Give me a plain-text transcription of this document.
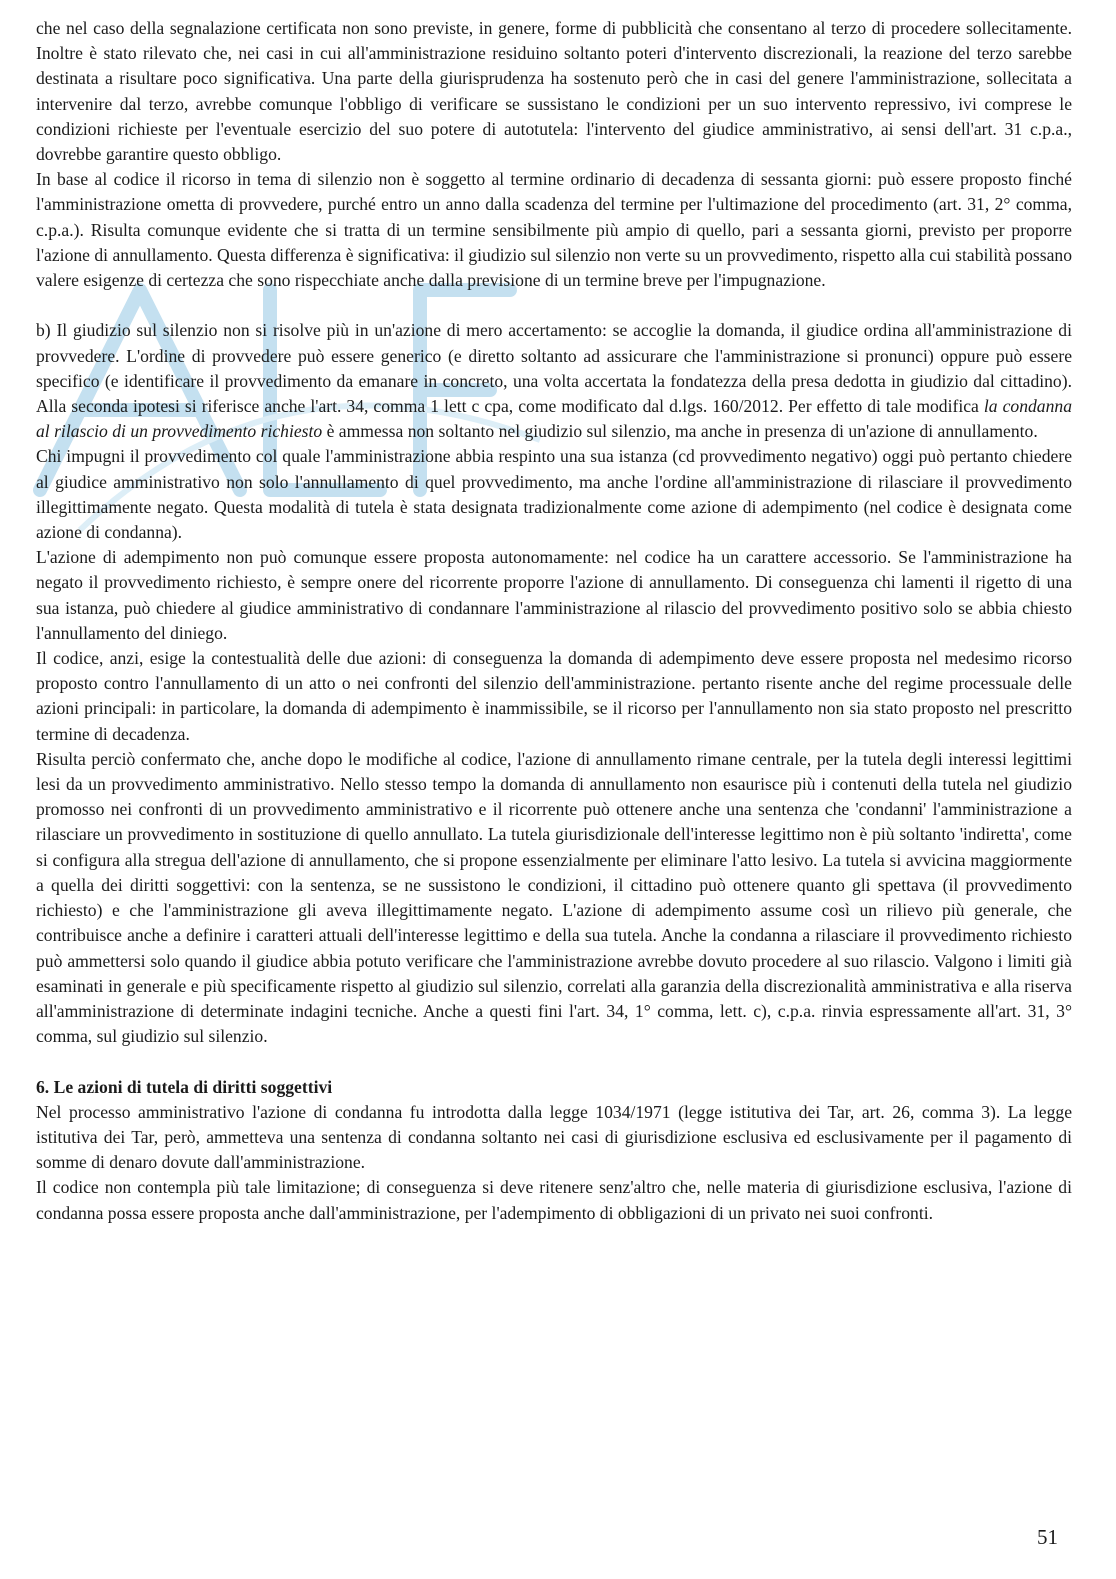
che nel caso della segnalazione certificata non sono previste, in genere, forme di pubblicità che consentano al terzo di procedere sollecitamente. Inoltre è stato rilevato che, nei casi in cui all'amministrazione residuino soltanto poteri d'intervento discrezionali, la reazione del terzo sarebbe destinata a risultare poco significativa. Una parte della giurisprudenza ha sostenuto però che in casi del genere l'amministrazione, sollecitata a intervenire dal terzo, avrebbe comunque l'obbligo di verificare se sussistano le condizioni per un suo intervento repressivo, ivi comprese le condizioni richieste per l'eventuale esercizio del suo potere di autotutela: l'intervento del giudice amministrativo, ai sensi dell'art. 31 c.p.a., dovrebbe garantire questo obbligo.

In base al codice il ricorso in tema di silenzio non è soggetto al termine ordinario di decadenza di sessanta giorni: può essere proposto finché l'amministrazione ometta di provvedere, purché entro un anno dalla scadenza del termine per l'ultimazione del procedimento (art. 31, 2° comma, c.p.a.). Risulta comunque evidente che si tratta di un termine sensibilmente più ampio di quello, pari a sessanta giorni, previsto per proporre l'azione di annullamento. Questa differenza è significativa: il giudizio sul silenzio non verte su un provvedimento, rispetto alla cui stabilità possano valere esigenze di certezza che sono rispecchiate anche dalla previsione di un termine breve per l'impugnazione.

b) Il giudizio sul silenzio non si risolve più in un'azione di mero accertamento: se accoglie la domanda, il giudice ordina all'amministrazione di provvedere. L'ordine di provvedere può essere generico (e diretto soltanto ad assicurare che l'amministrazione si pronunci) oppure può essere specifico (e identificare il provvedimento da emanare in concreto, una volta accertata la fondatezza della presa dedotta in giudizio dal cittadino). Alla seconda ipotesi si riferisce anche l'art. 34, comma 1 lett c cpa, come modificato dal d.lgs. 160/2012. Per effetto di tale modifica la condanna al rilascio di un provvedimento richiesto è ammessa non soltanto nel giudizio sul silenzio, ma anche in presenza di un'azione di annullamento.

Chi impugni il provvedimento col quale l'amministrazione abbia respinto una sua istanza (cd provvedimento negativo) oggi può pertanto chiedere al giudice amministrativo non solo l'annullamento di quel provvedimento, ma anche l'ordine all'amministrazione di rilasciare il provvedimento illegittimamente negato. Questa modalità di tutela è stata designata tradizionalmente come azione di adempimento (nel codice è designata come azione di condanna).

L'azione di adempimento non può comunque essere proposta autonomamente: nel codice ha un carattere accessorio. Se l'amministrazione ha negato il provvedimento richiesto, è sempre onere del ricorrente proporre l'azione di annullamento. Di conseguenza chi lamenti il rigetto di una sua istanza, può chiedere al giudice amministrativo di condannare l'amministrazione al rilascio del provvedimento positivo solo se abbia chiesto l'annullamento del diniego.

Il codice, anzi, esige la contestualità delle due azioni: di conseguenza la domanda di adempimento deve essere proposta nel medesimo ricorso proposto contro l'annullamento di un atto o nei confronti del silenzio dell'amministrazione. pertanto risente anche del regime processuale delle azioni principali: in particolare, la domanda di adempimento è inammissibile, se il ricorso per l'annullamento non sia stato proposto nel prescritto termine di decadenza.

Risulta perciò confermato che, anche dopo le modifiche al codice, l'azione di annullamento rimane centrale, per la tutela degli interessi legittimi lesi da un provvedimento amministrativo. Nello stesso tempo la domanda di annullamento non esaurisce più i contenuti della tutela nel giudizio promosso nei confronti di un provvedimento amministrativo e il ricorrente può ottenere anche una sentenza che 'condanni' l'amministrazione a rilasciare un provvedimento in sostituzione di quello annullato. La tutela giurisdizionale dell'interesse legittimo non è più soltanto 'indiretta', come si configura alla stregua dell'azione di annullamento, che si propone essenzialmente per eliminare l'atto lesivo. La tutela si avvicina maggiormente a quella dei diritti soggettivi: con la sentenza, se ne sussistono le condizioni, il cittadino può ottenere quanto gli spettava (il provvedimento richiesto) e che l'amministrazione gli aveva illegittimamente negato. L'azione di adempimento assume così un rilievo più generale, che contribuisce anche a definire i caratteri attuali dell'interesse legittimo e della sua tutela. Anche la condanna a rilasciare il provvedimento richiesto può ammettersi solo quando il giudice abbia potuto verificare che l'amministrazione avrebbe dovuto procedere al suo rilascio. Valgono i limiti già esaminati in generale e più specificamente rispetto al giudizio sul silenzio, correlati alla garanzia della discrezionalità amministrativa e alla riserva all'amministrazione di determinate indagini tecniche. Anche a questi fini l'art. 34, 1° comma, lett. c), c.p.a. rinvia espressamente all'art. 31, 3° comma, sul giudizio sul silenzio.

6. Le azioni di tutela di diritti soggettivi

Nel processo amministrativo l'azione di condanna fu introdotta dalla legge 1034/1971 (legge istitutiva dei Tar, art. 26, comma 3). La legge istitutiva dei Tar, però, ammetteva una sentenza di condanna soltanto nei casi di giurisdizione esclusiva ed esclusivamente per il pagamento di somme di denaro dovute dall'amministrazione.

Il codice non contempla più tale limitazione; di conseguenza si deve ritenere senz'altro che, nelle materia di giurisdizione esclusiva, l'azione di condanna possa essere proposta anche dall'amministrazione, per l'adempimento di obbligazioni di un privato nei suoi confronti.

51
